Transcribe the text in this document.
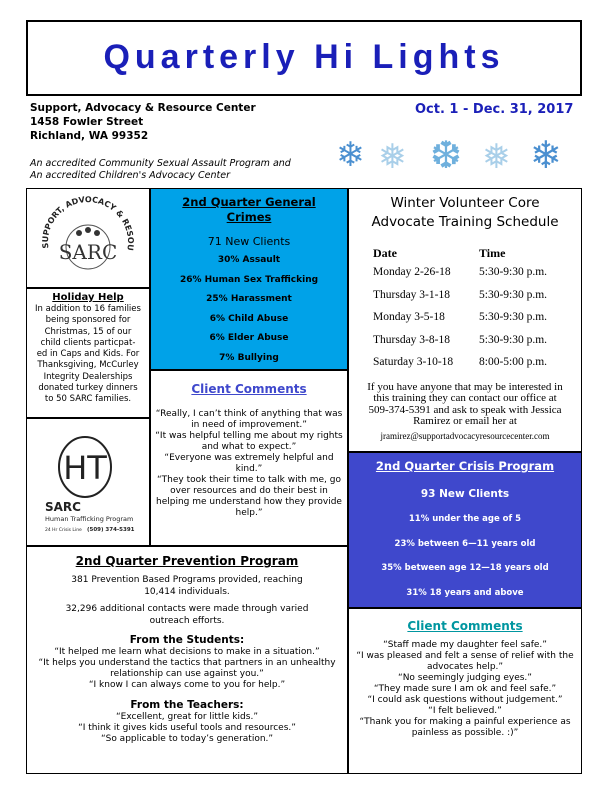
Quarterly Hi Lights
Support, Advocacy & Resource Center
1458 Fowler Street
Richland, WA 99352
Oct. 1 - Dec. 31, 2017
An accredited Community Sexual Assault Program and
An accredited Children's Advocacy Center
❄ ❅ ❆ ❅ ❄
SUPPORT, ADVOCACY & RESOU
SARC
Holiday Help
In addition to 16 families
being sponsored for
Christmas, 15 of our
child clients particpat-
ed in Caps and Kids. For
Thanksgiving, McCurley
Integrity Dealerships
donated turkey dinners
to 50 SARC families.
HT
SARC
Human Trafficking Program
24 Hr Crisis Line (509) 374-5391
2nd Quarter General
Crimes
71 New Clients
30% Assault
26% Human Sex Trafficking
25% Harassment
6% Child Abuse
6% Elder Abuse
7% Bullying
Client Comments
“Really, I can’t think of anything that was in need of improvement.”
“It was helpful telling me about my rights and what to expect.”
“Everyone was extremely helpful and kind.”
“They took their time to talk with me, go over resources and do their best in helping me understand how they provide help.”
Winter Volunteer Core
Advocate Training Schedule
Date	Time
Monday 2-26-18	5:30-9:30 p.m.
Thursday 3-1-18	5:30-9:30 p.m.
Monday 3-5-18	5:30-9:30 p.m.
Thursday 3-8-18	5:30-9:30 p.m.
Saturday 3-10-18	8:00-5:00 p.m.
If you have anyone that may be interested in
this training they can contact our office at
509-374-5391 and ask to speak with Jessica
Ramirez or email her at
jramirez@supportadvocacyresourcecenter.com
2nd Quarter Crisis Program
93 New Clients
11% under the age of 5
23% between 6—11 years old
35% between age 12—18 years old
31% 18 years and above
2nd Quarter Prevention Program
381 Prevention Based Programs provided, reaching
10,414 individuals.
32,296 additional contacts were made through varied
outreach efforts.
From the Students:
“It helped me learn what decisions to make in a situation.”
“It helps you understand the tactics that partners in an unhealthy relationship can use against you.”
“I know I can always come to you for help.”
From the Teachers:
“Excellent, great for little kids.”
“I think it gives kids useful tools and resources.”
“So applicable to today’s generation.”
Client Comments
“Staff made my daughter feel safe.”
“I was pleased and felt a sense of relief with the advocates help.”
“No seemingly judging eyes.”
“They made sure I am ok and feel safe.”
“I could ask questions without judgement.”
“I felt believed.”
“Thank you for making a painful experience as painless as possible. :)”
